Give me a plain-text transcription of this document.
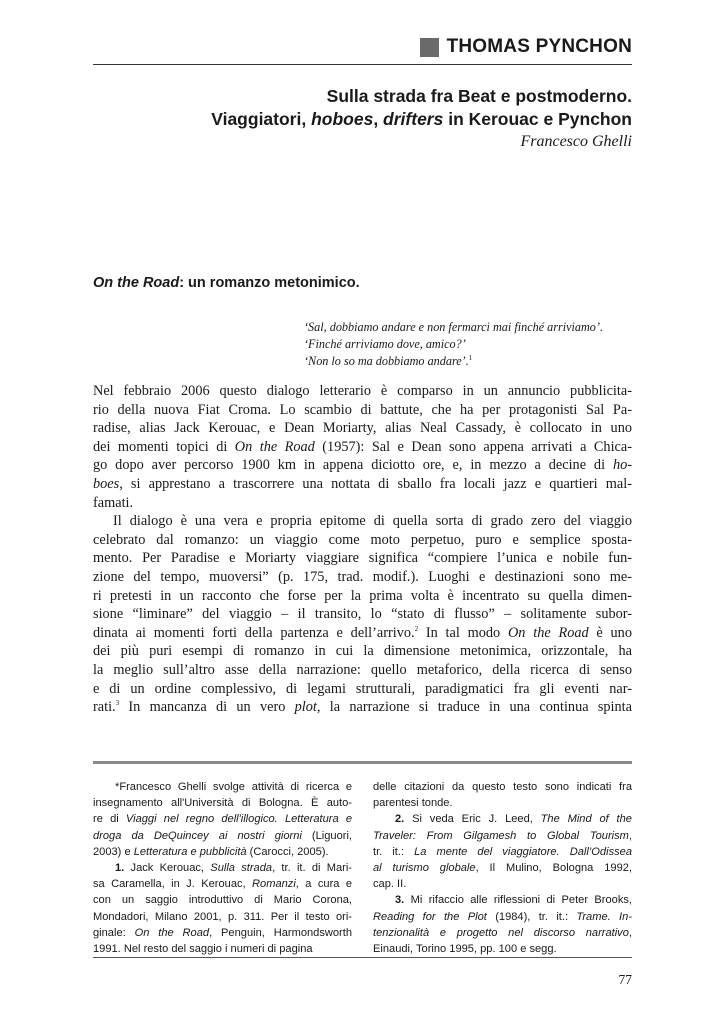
THOMAS PYNCHON
Sulla strada fra Beat e postmoderno.
Viaggiatori, hoboes, drifters in Kerouac e Pynchon
Francesco Ghelli
On the Road: un romanzo metonimico.
‘Sal, dobbiamo andare e non fermarci mai finché arriviamo’.
‘Finché arriviamo dove, amico?’
‘Non lo so ma dobbiamo andare’.$^1$

Nel febbraio 2006 questo dialogo letterario è comparso in un annuncio pubblicita-
rio della nuova Fiat Croma. Lo scambio di battute, che ha per protagonisti Sal Pa-
radise, alias Jack Kerouac, e Dean Moriarty, alias Neal Cassady, è collocato in uno
dei momenti topici di On the Road (1957): Sal e Dean sono appena arrivati a Chica-
go dopo aver percorso 1900 km in appena diciotto ore, e, in mezzo a decine di ho-
boes, si apprestano a trascorrere una nottata di sballo fra locali jazz e quartieri mal-
famati.

Il dialogo è una vera e propria epitome di quella sorta di grado zero del viaggio
celebrato dal romanzo: un viaggio come moto perpetuo, puro e semplice sposta-
mento. Per Paradise e Moriarty viaggiare significa “compiere l’unica e nobile fun-
zione del tempo, muoversi” (p. 175, trad. modif.). Luoghi e destinazioni sono me-
ri pretesti in un racconto che forse per la prima volta è incentrato su quella dimen-
sione “liminare” del viaggio – il transito, lo “stato di flusso” – solitamente subor-
dinata ai momenti forti della partenza e dell’arrivo.$^2$ In tal modo On the Road è uno
dei più puri esempi di romanzo in cui la dimensione metonimica, orizzontale, ha
la meglio sull’altro asse della narrazione: quello metaforico, della ricerca di senso
e di un ordine complessivo, di legami strutturali, paradigmatici fra gli eventi nar-
rati.$^3$ In mancanza di un vero plot, la narrazione si traduce in una continua spinta

*Francesco Ghelli svolge attività di ricerca e
insegnamento all'Università di Bologna. È auto-
re di Viaggi nel regno dell'illogico. Letteratura e
droga da DeQuincey ai nostri giorni (Liguori,
2003) e Letteratura e pubblicità (Carocci, 2005).
1. Jack Kerouac, Sulla strada, tr. it. di Mari-
sa Caramella, in J. Kerouac, Romanzi, a cura e
con un saggio introduttivo di Mario Corona,
Mondadori, Milano 2001, p. 311. Per il testo ori-
ginale: On the Road, Penguin, Harmondsworth
1991. Nel resto del saggio i numeri di pagina
delle citazioni da questo testo sono indicati fra
parentesi tonde.
2. Si veda Eric J. Leed, The Mind of the
Traveler: From Gilgamesh to Global Tourism,
tr. it.: La mente del viaggiatore. Dall’Odissea
al turismo globale, Il Mulino, Bologna 1992,
cap. II.
3. Mi rifaccio alle riflessioni di Peter Brooks,
Reading for the Plot (1984), tr. it.: Trame. In-
tenzionalità e progetto nel discorso narrativo,
Einaudi, Torino 1995, pp. 100 e segg.
77
